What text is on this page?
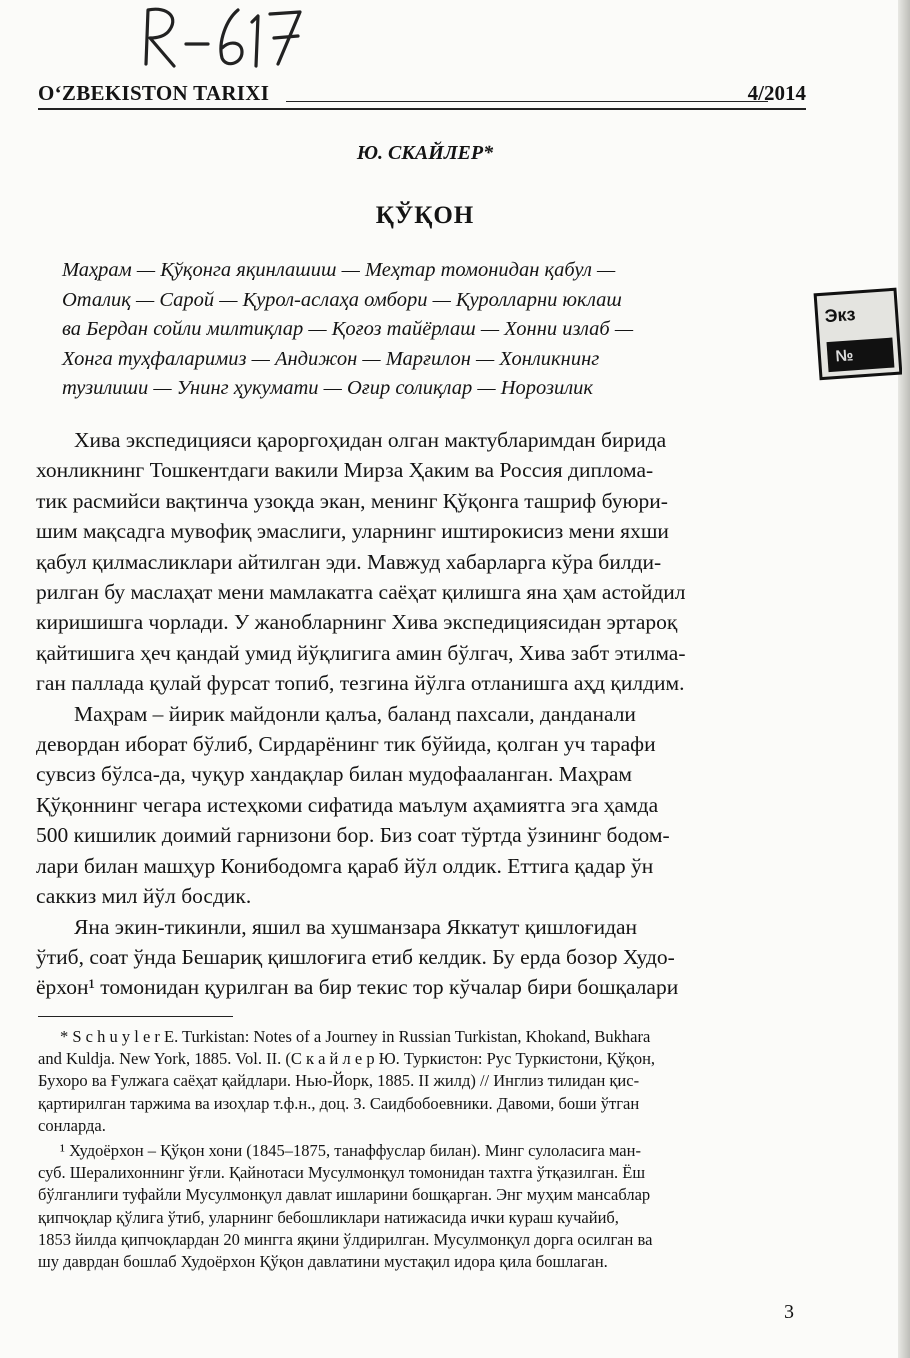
O‘ZBEKISTON TARIXI	4/2014
Ю. СКАЙЛЕР*
ҚЎҚОН
Маҳрам — Қўқонга яқинлашиш — Меҳтар томонидан қабул —
Оталиқ — Сарой — Қурол-аслаҳа омбори — Қуролларни юклаш
ва Бердан сойли милтиқлар — Қоғоз тайёрлаш — Хонни излаб —
Хонга туҳфаларимиз — Андижон — Марғилон — Хонликнинг
тузилиши — Унинг ҳукумати — Оғир солиқлар — Норозилик
Экз
№
Хива экспедицияси қароргоҳидан олган мактубларимдан бирида
хонликнинг Тошкентдаги вакили Мирза Ҳаким ва Россия диплома-
тик расмийси вақтинча узоқда экан, менинг Қўқонга ташриф буюри-
шим мақсадга мувофиқ эмаслиги, уларнинг иштирокисиз мени яхши
қабул қилмасликлари айтилган эди. Мавжуд хабарларга кўра билди-
рилган бу маслаҳат мени мамлакатга саёҳат қилишга яна ҳам астойдил
киришишга чорлади. У жанобларнинг Хива экспедициясидан эртароқ
қайтишига ҳеч қандай умид йўқлигига амин бўлгач, Хива забт этилма-
ган паллада қулай фурсат топиб, тезгина йўлга отланишга аҳд қилдим.
Маҳрам – йирик майдонли қалъа, баланд пахсали, данданали
девордан иборат бўлиб, Сирдарёнинг тик бўйида, қолган уч тарафи
сувсиз бўлса-да, чуқур хандақлар билан мудофааланган. Маҳрам
Қўқоннинг чегара истеҳкоми сифатида маълум аҳамиятга эга ҳамда
500 кишилик доимий гарнизони бор. Биз соат тўртда ўзининг бодом-
лари билан машҳур Конибодомга қараб йўл олдик. Еттига қадар ўн
саккиз мил йўл босдик.
Яна экин-тикинли, яшил ва хушманзара Яккатут қишлоғидан
ўтиб, соат ўнда Бешариқ қишлоғига етиб келдик. Бу ерда бозор Худо-
ёрхон¹ томонидан қурилган ва бир текис тор кўчалар бири бошқалари
* S c h u y l e r E. Turkistan: Notes of a Journey in Russian Turkistan, Khokand, Bukhara
and Kuldja. New York, 1885. Vol. II. (С к а й л е р Ю. Туркистон: Рус Туркистони, Қўқон,
Бухоро ва Ғулжага саёҳат қайдлари. Нью-Йорк, 1885. II жилд) // Инглиз тилидан қис-
қартирилган таржима ва изоҳлар т.ф.н., доц. З. Саидбобоевники. Давоми, боши ўтган
сонларда.
¹ Худоёрхон – Қўқон хони (1845–1875, танаффуслар билан). Минг сулоласига ман-
суб. Шералихоннинг ўғли. Қайнотаси Мусулмонқул томонидан тахтга ўтқазилган. Ёш
бўлганлиги туфайли Мусулмонқул давлат ишларини бошқарган. Энг муҳим мансаблар
қипчоқлар қўлига ўтиб, уларнинг бебошликлари натижасида ички кураш кучайиб,
1853 йилда қипчоқлардан 20 мингга яқини ўлдирилган. Мусулмонқул дорга осилган ва
шу даврдан бошлаб Худоёрхон Қўқон давлатини мустақил идора қила бошлаган.
3
